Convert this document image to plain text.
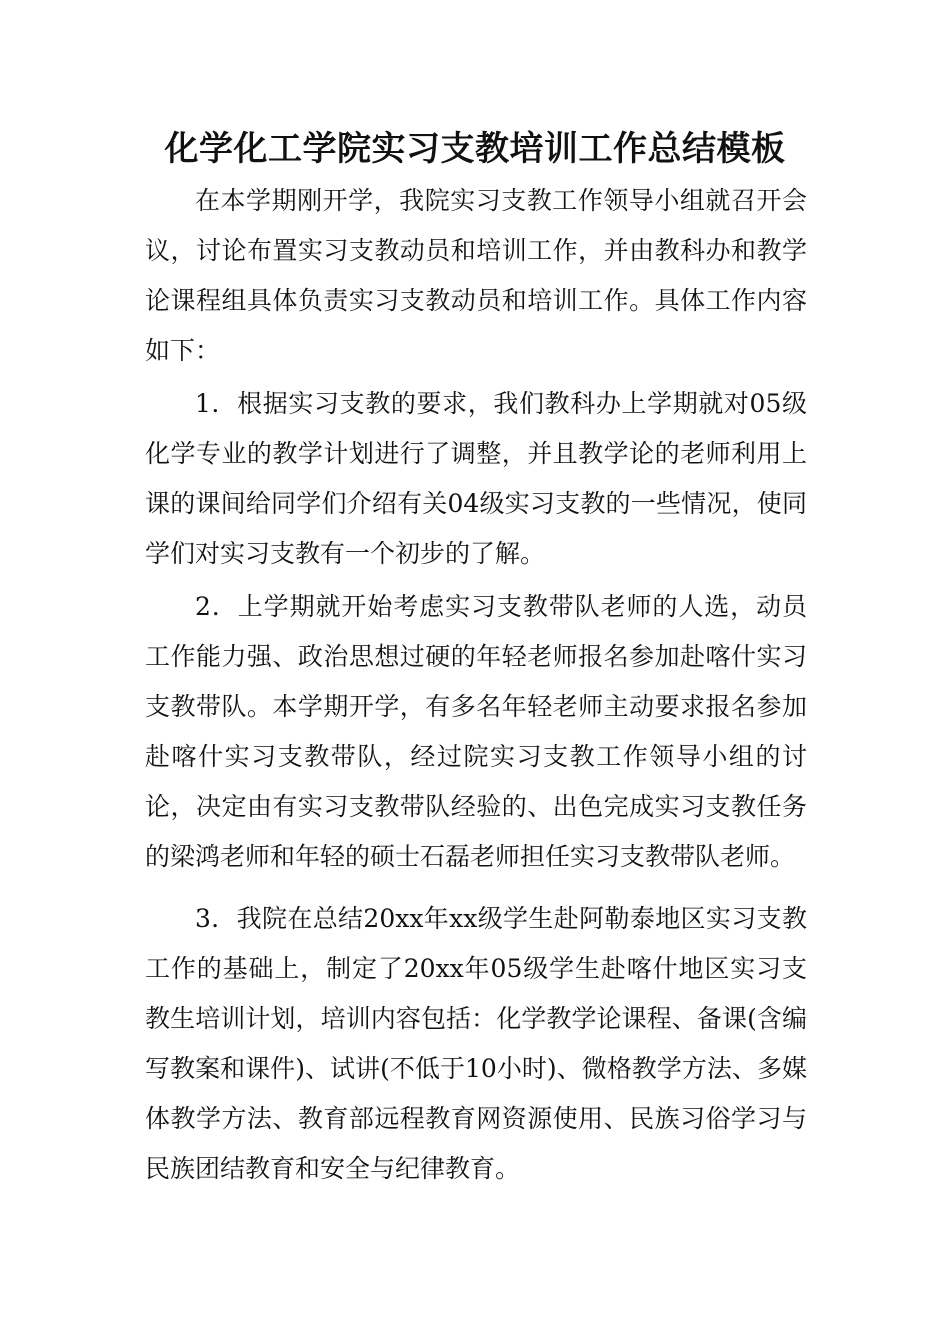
化学化工学院实习支教培训工作总结模板

在本学期刚开学，我院实习支教工作领导小组就召开会议，讨论布置实习支教动员和培训工作，并由教科办和教学论课程组具体负责实习支教动员和培训工作。具体工作内容如下：

1．根据实习支教的要求，我们教科办上学期就对05级化学专业的教学计划进行了调整，并且教学论的老师利用上课的课间给同学们介绍有关04级实习支教的一些情况，使同学们对实习支教有一个初步的了解。

2．上学期就开始考虑实习支教带队老师的人选，动员工作能力强、政治思想过硬的年轻老师报名参加赴喀什实习支教带队。本学期开学，有多名年轻老师主动要求报名参加赴喀什实习支教带队，经过院实习支教工作领导小组的讨论，决定由有实习支教带队经验的、出色完成实习支教任务的梁鸿老师和年轻的硕士石磊老师担任实习支教带队老师。

3．我院在总结20xx年xx级学生赴阿勒泰地区实习支教工作的基础上，制定了20xx年05级学生赴喀什地区实习支教生培训计划，培训内容包括：化学教学论课程、备课(含编写教案和课件)、试讲(不低于10小时)、微格教学方法、多媒体教学方法、教育部远程教育网资源使用、民族习俗学习与民族团结教育和安全与纪律教育。
